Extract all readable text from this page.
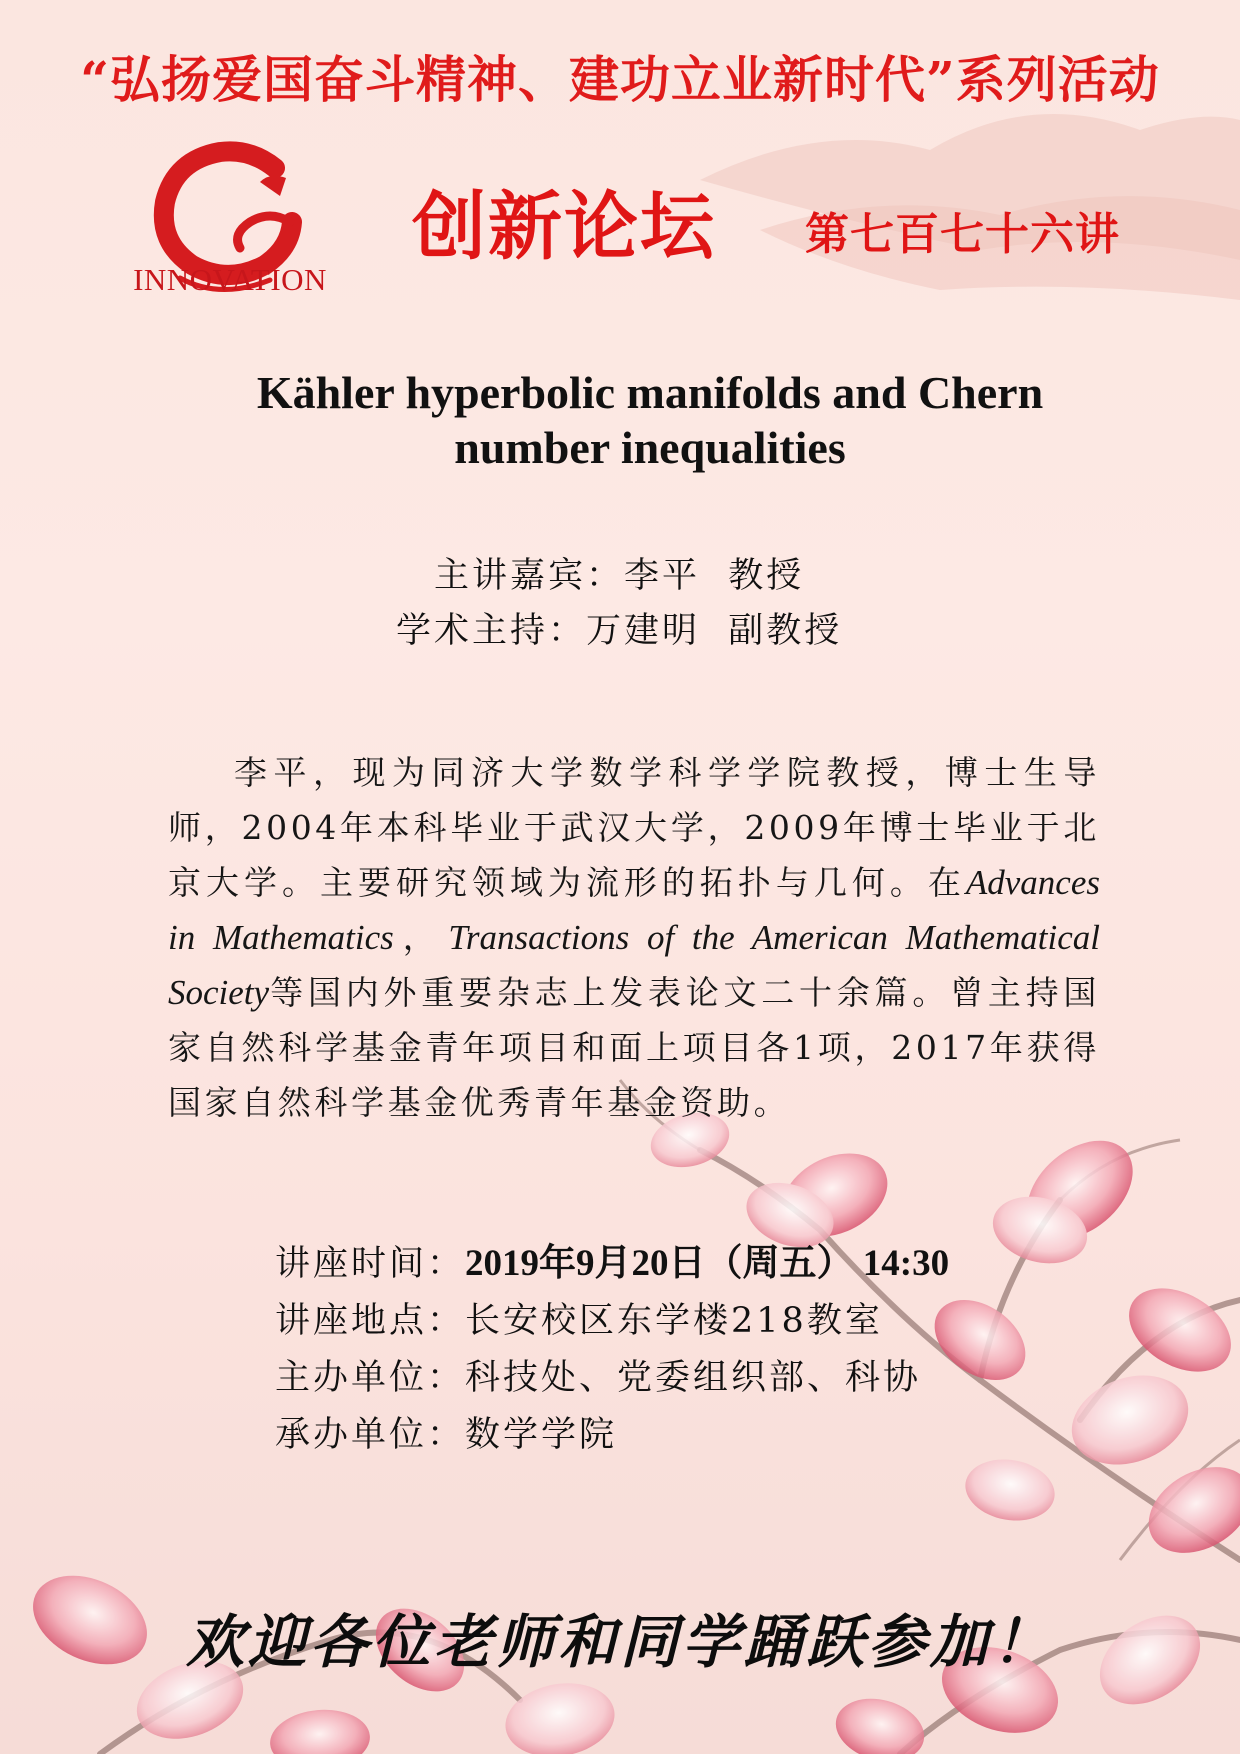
“弘扬爱国奋斗精神、建功立业新时代”系列活动
INNOVATION
创新论坛 第七百七十六讲
Kähler hyperbolic manifolds and Chern
number inequalities
主讲嘉宾：李平  教授
学术主持：万建明  副教授
李平，现为同济大学数学科学学院教授，博士生导师，2004年本科毕业于武汉大学，2009年博士毕业于北京大学。主要研究领域为流形的拓扑与几何。在Advances in Mathematics，Transactions of the American Mathematical Society等国内外重要杂志上发表论文二十余篇。曾主持国家自然科学基金青年项目和面上项目各1项，2017年获得国家自然科学基金优秀青年基金资助。
讲座时间：2019年9月20日（周五） 14:30
讲座地点：长安校区东学楼218教室
主办单位：科技处、党委组织部、科协
承办单位：数学学院
欢迎各位老师和同学踊跃参加！
